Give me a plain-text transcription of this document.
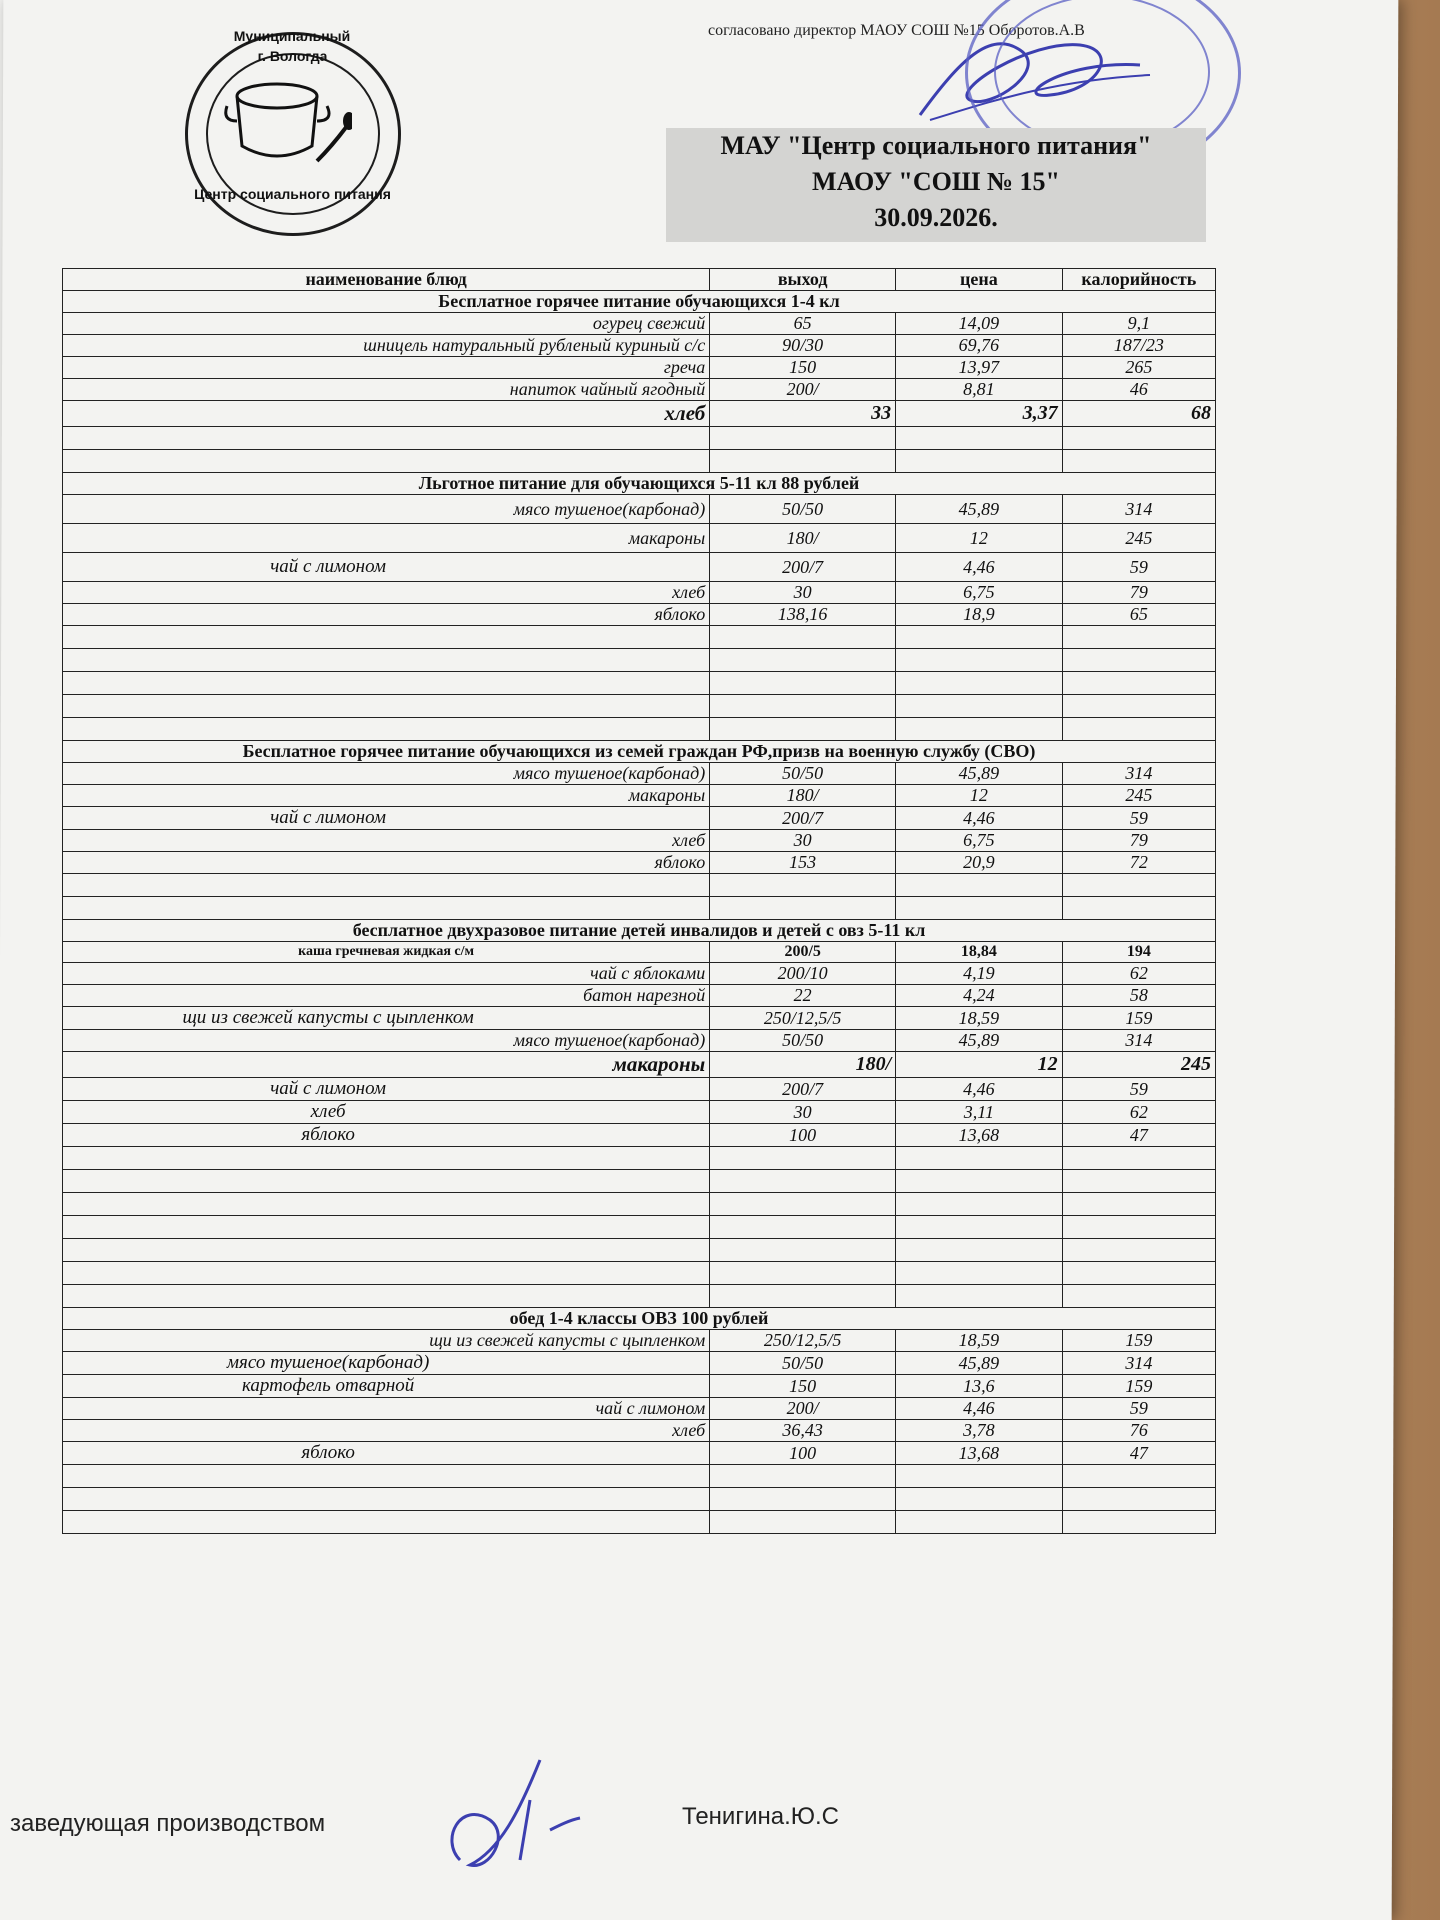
согласовано директор МАОУ СОШ №15 Оборотов.А.В
Муниципальный
г. Вологда
Центр социального питания
МАУ "Центр социального питания"
МАОУ "СОШ № 15"
30.09.2026.
наименование блюд	выход	цена	калорийность
Бесплатное горячее питание обучающихся 1-4 кл			
огурец свежий	65	14,09	9,1
шницель натуральный рубленый куриный с/с	90/30	69,76	187/23
греча	150	13,97	265
напиток чайный ягодный	200/	8,81	46
хлеб	33	3,37	68

Льготное питание для обучающихся 5-11 кл 88 рублей			
мясо тушеное(карбонад)	50/50	45,89	314
макароны	180/	12	245
чай с лимоном	200/7	4,46	59
хлеб	30	6,75	79
яблоко	138,16	18,9	65

Бесплатное горячее питание обучающихся из семей граждан РФ,призв на военную службу (СВО)			
мясо тушеное(карбонад)	50/50	45,89	314
макароны	180/	12	245
чай с лимоном	200/7	4,46	59
хлеб	30	6,75	79
яблоко	153	20,9	72

бесплатное двухразовое питание детей инвалидов и детей с овз 5-11 кл			
каша гречневая жидкая с/м	200/5	18,84	194
чай с яблоками	200/10	4,19	62
батон нарезной	22	4,24	58
щи из свежей капусты с цыпленком	250/12,5/5	18,59	159
мясо тушеное(карбонад)	50/50	45,89	314
макароны	180/	12	245
чай с лимоном	200/7	4,46	59
хлеб	30	3,11	62
яблоко	100	13,68	47

обед 1-4 классы ОВЗ 100 рублей			
щи из свежей капусты с цыпленком	250/12,5/5	18,59	159
мясо тушеное(карбонад)	50/50	45,89	314
картофель отварной	150	13,6	159
чай с лимоном	200/	4,46	59
хлеб	36,43	3,78	76
яблоко	100	13,68	47

заведующая производством	Тенигина.Ю.С
